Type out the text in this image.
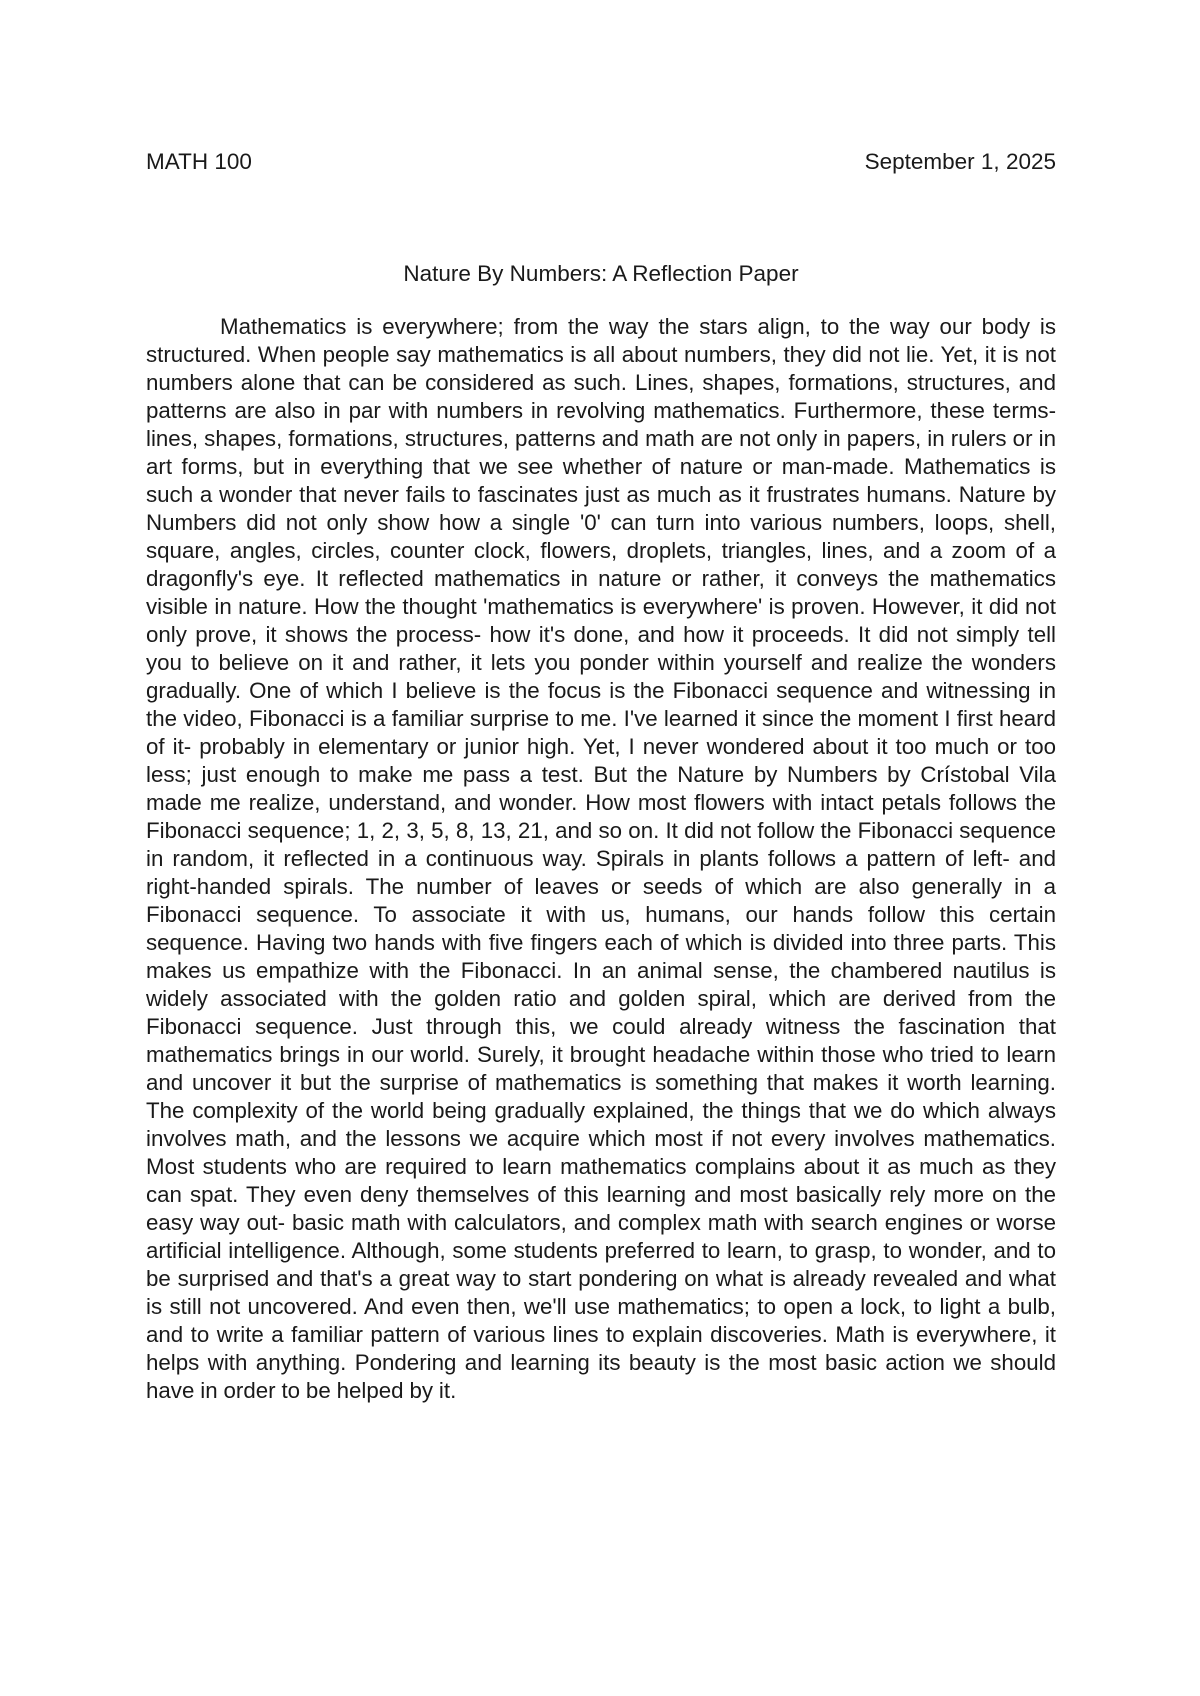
MATH 100	September 1, 2025
Nature By Numbers: A Reflection Paper

Mathematics is everywhere; from the way the stars align, to the way our body is structured. When people say mathematics is all about numbers, they did not lie. Yet, it is not numbers alone that can be considered as such. Lines, shapes, formations, structures, and patterns are also in par with numbers in revolving mathematics. Furthermore, these terms- lines, shapes, formations, structures, patterns and math are not only in papers, in rulers or in art forms, but in everything that we see whether of nature or man-made. Mathematics is such a wonder that never fails to fascinates just as much as it frustrates humans. Nature by Numbers did not only show how a single '0' can turn into various numbers, loops, shell, square, angles, circles, counter clock, flowers, droplets, triangles, lines, and a zoom of a dragonfly's eye. It reflected mathematics in nature or rather, it conveys the mathematics visible in nature. How the thought 'mathematics is everywhere' is proven. However, it did not only prove, it shows the process- how it's done, and how it proceeds. It did not simply tell you to believe on it and rather, it lets you ponder within yourself and realize the wonders gradually. One of which I believe is the focus is the Fibonacci sequence and witnessing in the video, Fibonacci is a familiar surprise to me. I've learned it since the moment I first heard of it- probably in elementary or junior high. Yet, I never wondered about it too much or too less; just enough to make me pass a test. But the Nature by Numbers by Crístobal Vila made me realize, understand, and wonder. How most flowers with intact petals follows the Fibonacci sequence; 1, 2, 3, 5, 8, 13, 21, and so on. It did not follow the Fibonacci sequence in random, it reflected in a continuous way. Spirals in plants follows a pattern of left- and right-handed spirals. The number of leaves or seeds of which are also generally in a Fibonacci sequence. To associate it with us, humans, our hands follow this certain sequence. Having two hands with five fingers each of which is divided into three parts. This makes us empathize with the Fibonacci. In an animal sense, the chambered nautilus is widely associated with the golden ratio and golden spiral, which are derived from the Fibonacci sequence. Just through this, we could already witness the fascination that mathematics brings in our world. Surely, it brought headache within those who tried to learn and uncover it but the surprise of mathematics is something that makes it worth learning. The complexity of the world being gradually explained, the things that we do which always involves math, and the lessons we acquire which most if not every involves mathematics. Most students who are required to learn mathematics complains about it as much as they can spat. They even deny themselves of this learning and most basically rely more on the easy way out- basic math with calculators, and complex math with search engines or worse artificial intelligence. Although, some students preferred to learn, to grasp, to wonder, and to be surprised and that's a great way to start pondering on what is already revealed and what is still not uncovered. And even then, we'll use mathematics; to open a lock, to light a bulb, and to write a familiar pattern of various lines to explain discoveries. Math is everywhere, it helps with anything. Pondering and learning its beauty is the most basic action we should have in order to be helped by it.
